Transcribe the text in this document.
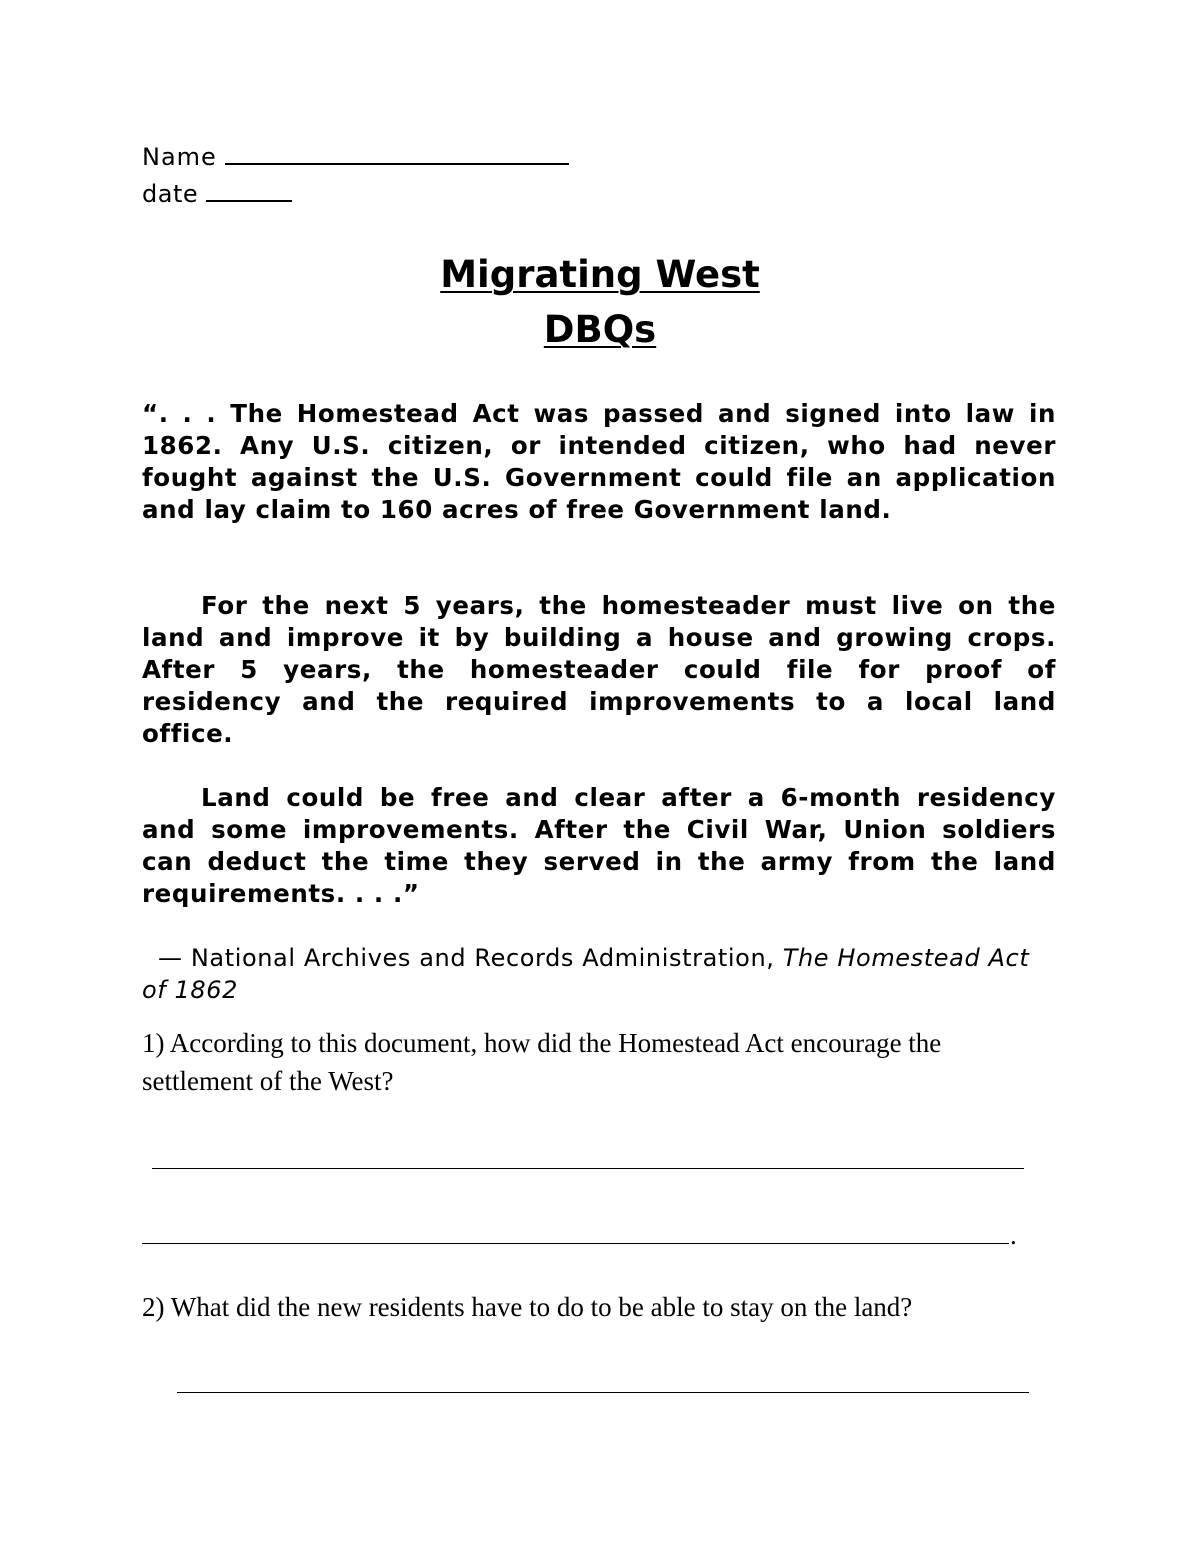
Name
date
Migrating West
DBQs

“. . . The Homestead Act was passed and signed into law in 1862. Any U.S. citizen, or intended citizen, who had never fought against the U.S. Government could file an application and lay claim to 160 acres of free Government land.

For the next 5 years, the homesteader must live on the land and improve it by building a house and growing crops. After 5 years, the homesteader could file for proof of residency and the required improvements to a local land office.

Land could be free and clear after a 6-month residency and some improvements. After the Civil War, Union soldiers can deduct the time they served in the army from the land requirements. . . .”

— National Archives and Records Administration, The Homestead Act of 1862
1) According to this document, how did the Homestead Act encourage the settlement of the West?
.
2) What did the new residents have to do to be able to stay on the land?
